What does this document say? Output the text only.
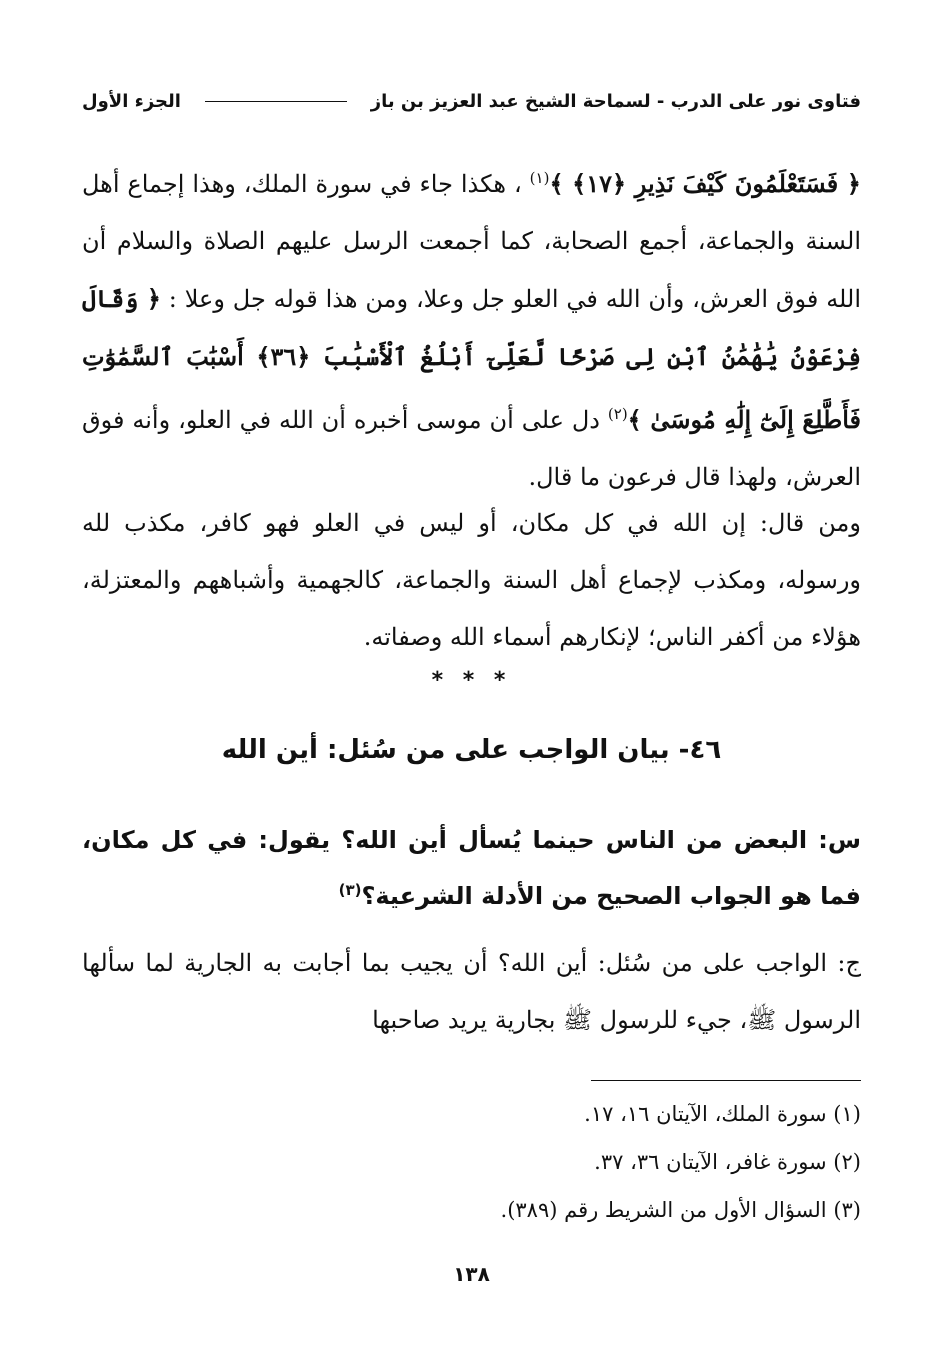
فتاوى نور على الدرب - لسماحة الشيخ عبد العزيز بن باز
الجزء الأول
﴿ فَسَتَعْلَمُونَ كَيْفَ نَذِيرِ ﴿١٧﴾ ﴾$^{(١)}$ ، هكذا جاء في سورة الملك، وهذا إجماع أهل السنة والجماعة، أجمع الصحابة، كما أجمعت الرسل عليهم الصلاة والسلام أن الله فوق العرش، وأن الله في العلو جل وعلا، ومن هذا قوله جل وعلا : ﴿ وَقَالَ فِرْعَوْنُ يَٰهَٰمَٰنُ ٱبْنِ لِى صَرْحًا لَّعَلِّىٓ أَبْلُغُ ٱلْأَسْبَٰبَ ﴿٣٦﴾ أَسْبَٰبَ ٱلسَّمَٰوَٰتِ فَأَطَّلِعَ إِلَىٰٓ إِلَٰهِ مُوسَىٰ ﴾$^{(٢)}$ دل على أن موسى أخبره أن الله في العلو، وأنه فوق العرش، ولهذا قال فرعون ما قال.
ومن قال: إن الله في كل مكان، أو ليس في العلو فهو كافر، مكذب لله ورسوله، ومكذب لإجماع أهل السنة والجماعة، كالجهمية وأشباههم والمعتزلة، هؤلاء من أكفر الناس؛ لإنكارهم أسماء الله وصفاته.
* * *
٤٦- بيان الواجب على من سُئل: أين الله
س: البعض من الناس حينما يُسأل أين الله؟ يقول: في كل مكان، فما هو الجواب الصحيح من الأدلة الشرعية؟$^{(٣)}$
ج: الواجب على من سُئل: أين الله؟ أن يجيب بما أجابت به الجارية لما سألها الرسول ﷺ، جيء للرسول ﷺ بجارية يريد صاحبها
(١) سورة الملك، الآيتان ١٦، ١٧.
(٢) سورة غافر، الآيتان ٣٦، ٣٧.
(٣) السؤال الأول من الشريط رقم (٣٨٩).
١٣٨
